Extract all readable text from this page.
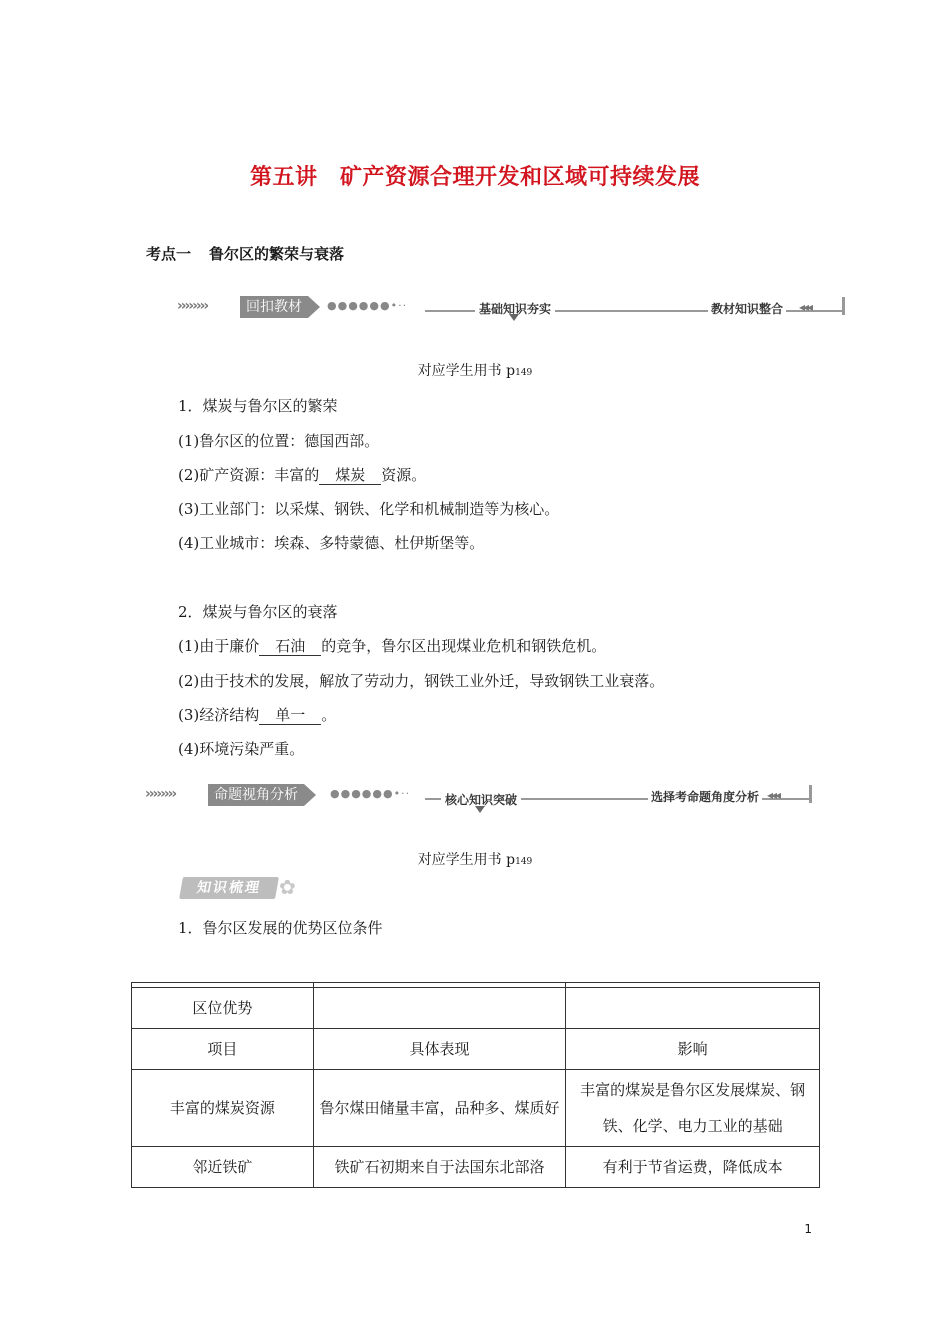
第五讲　矿产资源合理开发和区域可持续发展
考点一 鲁尔区的繁荣与衰落
››››››››	回扣教材	●●●●●●•··	基础知识夯实	教材知识整合 ◂◂◂
对应学生用书 p149
1．煤炭与鲁尔区的繁荣
(1)鲁尔区的位置：德国西部。
(2)矿产资源：丰富的 煤炭 资源。
(3)工业部门：以采煤、钢铁、化学和机械制造等为核心。
(4)工业城市：埃森、多特蒙德、杜伊斯堡等。
2．煤炭与鲁尔区的衰落
(1)由于廉价 石油 的竞争，鲁尔区出现煤业危机和钢铁危机。
(2)由于技术的发展，解放了劳动力，钢铁工业外迁，导致钢铁工业衰落。
(3)经济结构 单一 。
(4)环境污染严重。
››››››››	命题视角分析	●●●●●●•··	核心知识突破	选择考命题角度分析 ◂◂◂
对应学生用书 p149
知识梳理 ✿
1．鲁尔区发展的优势区位条件

区位优势		
项目	具体表现	影响
丰富的煤炭资源	鲁尔煤田储量丰富，品种多、煤质好	丰富的煤炭是鲁尔区发展煤炭、钢铁、化学、电力工业的基础
邻近铁矿	铁矿石初期来自于法国东北部洛	有利于节省运费，降低成本
1
